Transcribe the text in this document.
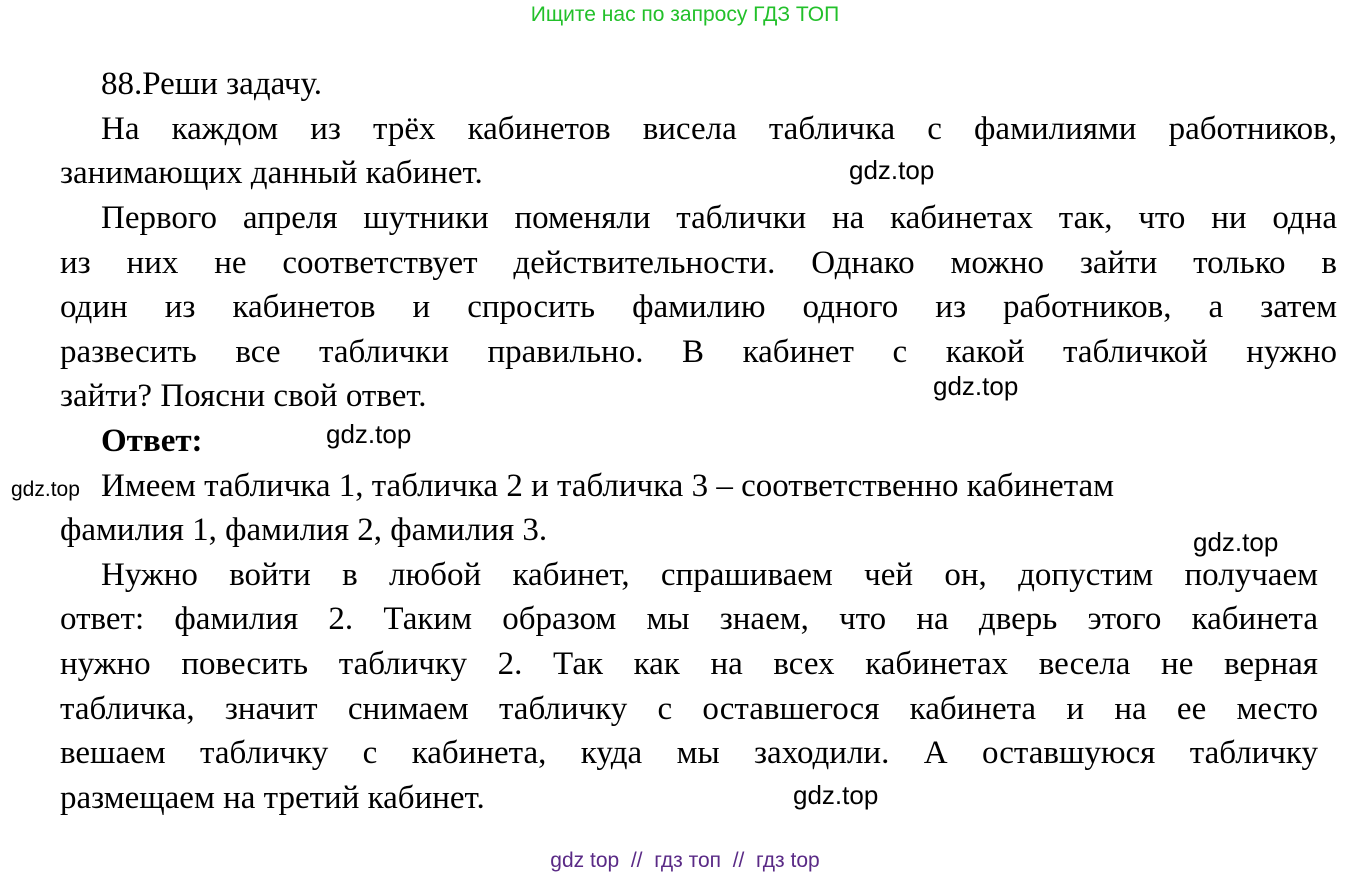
Ищите нас по запросу ГДЗ ТОП
88.Реши задачу.
На каждом из трёх кабинетов висела табличка с фамилиями работников,
занимающих данный кабинет.
Первого апреля шутники поменяли таблички на кабинетах так, что ни одна
из них не соответствует действительности. Однако можно зайти только в
один из кабинетов и спросить фамилию одного из работников, а затем
развесить все таблички правильно. В кабинет с какой табличкой нужно
зайти? Поясни свой ответ.
Ответ:
Имеем табличка 1, табличка 2 и табличка 3 – соответственно кабинетам
фамилия 1, фамилия 2, фамилия 3.
Нужно войти в любой кабинет, спрашиваем чей он, допустим получаем
ответ: фамилия 2. Таким образом мы знаем, что на дверь этого кабинета
нужно повесить табличку 2. Так как на всех кабинетах весела не верная
табличка, значит снимаем табличку с оставшегося кабинета и на ее место
вешаем табличку с кабинета, куда мы заходили. А оставшуюся табличку
размещаем на третий кабинет.
gdz.top
gdz.top
gdz.top
gdz.top
gdz.top
gdz.top
gdz top  //  гдз топ  //  гдз top
